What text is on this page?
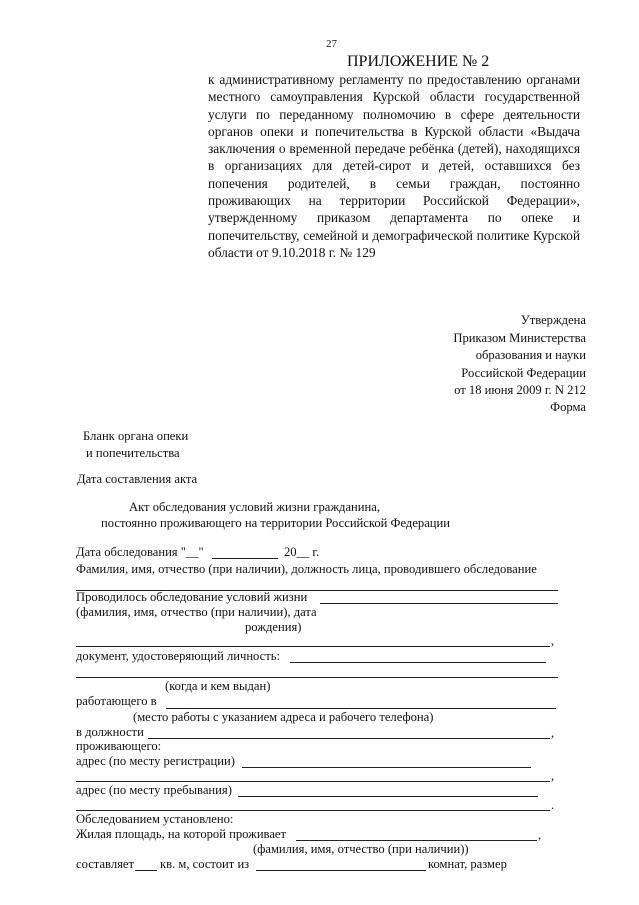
27
ПРИЛОЖЕНИЕ № 2
к административному регламенту по предоставлению органами местного самоуправления Курской области государственной услуги по переданному полномочию в сфере деятельности органов опеки и попечительства в Курской области «Выдача заключения о временной передаче ребёнка (детей), находящихся в организациях для детей-сирот и детей, оставшихся без попечения родителей, в семьи граждан, постоянно проживающих на территории Российской Федерации», утвержденному приказом департамента по опеке и попечительству, семейной и демографической политике Курской области от 9.10.2018 г. № 129
Утверждена
Приказом Министерства
образования и науки
Российской Федерации
от 18 июня 2009 г. N 212
Форма
Бланк органа опеки
и попечительства
Дата составления акта
Акт обследования условий жизни гражданина,
постоянно проживающего на территории Российской Федерации
Дата обследования "__"	20__ г.
Фамилия, имя, отчество (при наличии), должность лица, проводившего обследование
Проводилось обследование условий жизни
(фамилия, имя, отчество (при наличии), дата
рождения)
,
документ, удостоверяющий личность:
(когда и кем выдан)
работающего в
(место работы с указанием адреса и рабочего телефона)
в должности	,
проживающего:
адрес (по месту регистрации)
,
адрес (по месту пребывания)
.
Обследованием установлено:
Жилая площадь, на которой проживает	,
(фамилия, имя, отчество (при наличии))
составляет кв. м, состоит из	комнат, размер
